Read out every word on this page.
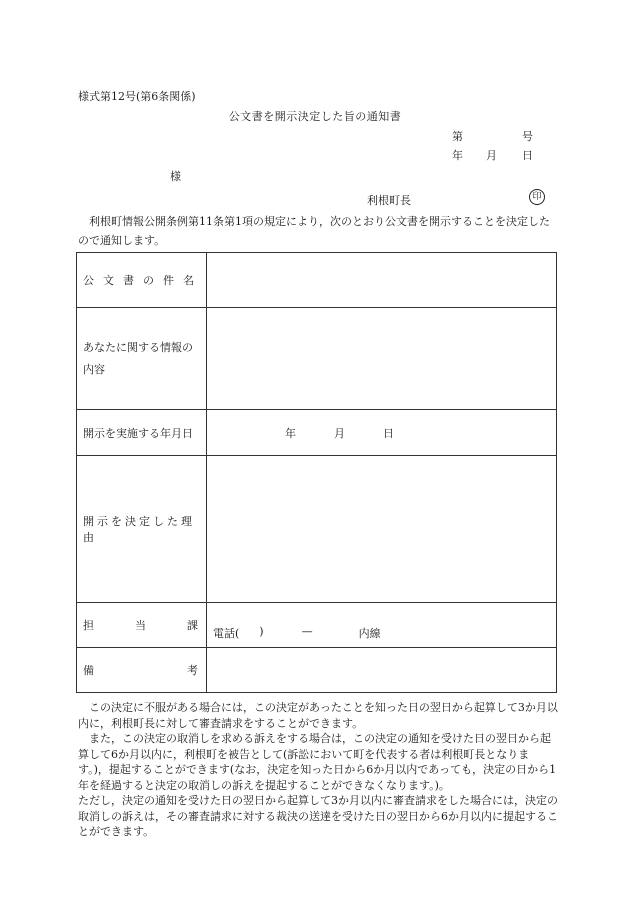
様式第12号(第6条関係)
公文書を開示決定した旨の通知書
第	号
年 月 日
様
利根町長	印
利根町情報公開条例第11条第1項の規定により，次のとおり公文書を開示することを決定したので通知します。
公文書の件名	

あなたに関する情報の
内容	

開示を実施する年月日	年 月 日
開示を決定した理由	

担 当 課	電話( ) — 内線

備 考	

この決定に不服がある場合には，この決定があったことを知った日の翌日から起算して3か月以内に，利根町長に対して審査請求をすることができます。

また，この決定の取消しを求める訴えをする場合は，この決定の通知を受けた日の翌日から起算して6か月以内に，利根町を被告として(訴訟において町を代表する者は利根町長となります。)，提起することができます(なお，決定を知った日から6か月以内であっても，決定の日から1年を経過すると決定の取消しの訴えを提起することができなくなります。)。

ただし，決定の通知を受けた日の翌日から起算して3か月以内に審査請求をした場合には，決定の取消しの訴えは，その審査請求に対する裁決の送達を受けた日の翌日から6か月以内に提起することができます。
